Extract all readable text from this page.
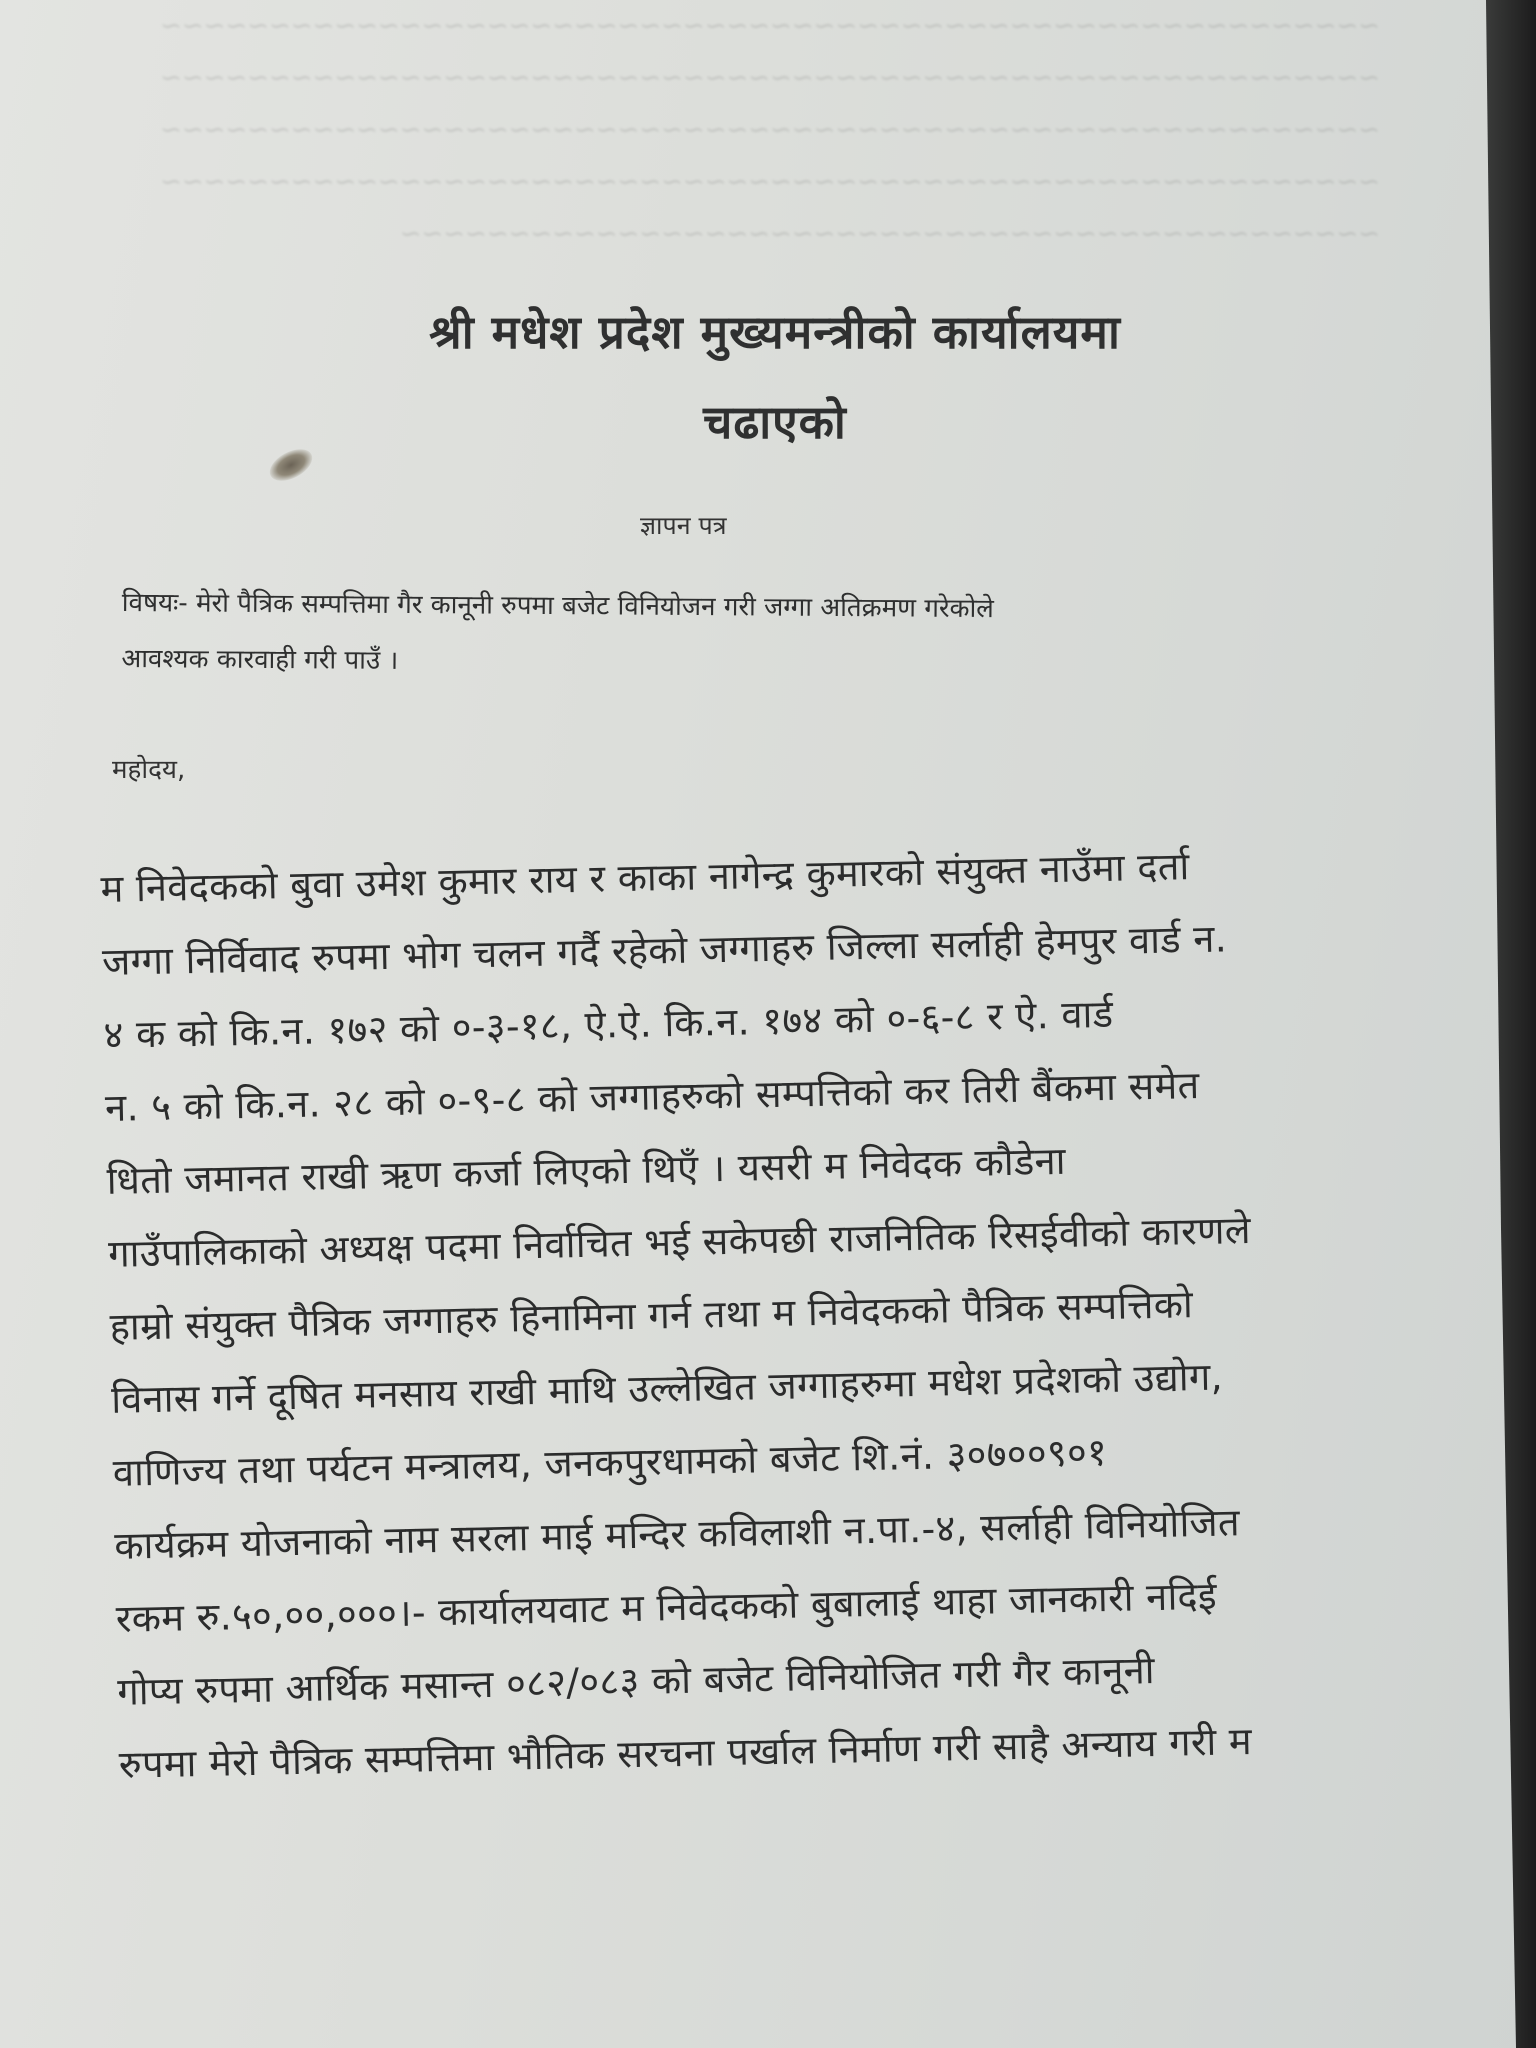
~~~~~~~~~~~~~~~~~~~~~~~~~~~~~~~~~~~~~~~~~~~~~~~~~~~~~~~~
~~~~~~~~~~~~~~~~~~~~~~~~~~~~~~~~~~~~~~~~~~~~~~~~~~~~~~~~
~~~~~~~~~~~~~~~~~~~~~~~~~~~~~~~~~~~~~~~~~~~~~~~~~~~~~~~~
~~~~~~~~~~~~~~~~~~~~~~~~~~~~~~~~~~~~~~~~~~~~~~~~~~~~~~~~
~~~~~~~~~~~~~~~~~~~~~~~~~~~~~~~~~~~~~~~~~~~~~
श्री मधेश प्रदेश मुख्यमन्त्रीको कार्यालयमा
चढाएको
ज्ञापन पत्र
विषयः- मेरो पैत्रिक सम्पत्तिमा गैर कानूनी रुपमा बजेट विनियोजन गरी जग्गा अतिक्रमण गरेकोले
आवश्यक कारवाही गरी पाउँ ।
महोदय,
म निवेदकको बुवा उमेश कुमार राय र काका नागेन्द्र कुमारको संयुक्त नाउँमा दर्ता
जग्गा निर्विवाद रुपमा भोग चलन गर्दै रहेको जग्गाहरु जिल्ला सर्लाही हेमपुर वार्ड न.
४ क को कि.न. १७२ को ०-३-१८, ऐ.ऐ. कि.न. १७४ को ०-६-८ र ऐ. वार्ड
न. ५ को कि.न. २८ को ०-९-८ को जग्गाहरुको सम्पत्तिको कर तिरी बैंकमा समेत
धितो जमानत राखी ऋण कर्जा लिएको थिएँ । यसरी म निवेदक कौडेना
गाउँपालिकाको अध्यक्ष पदमा निर्वाचित भई सकेपछी राजनितिक रिसईवीको कारणले
हाम्रो संयुक्त पैत्रिक जग्गाहरु हिनामिना गर्न तथा म निवेदकको पैत्रिक सम्पत्तिको
विनास गर्ने दूषित मनसाय राखी माथि उल्लेखित जग्गाहरुमा मधेश प्रदेशको उद्योग,
वाणिज्य तथा पर्यटन मन्त्रालय, जनकपुरधामको बजेट शि.नं. ३०७००९०१
कार्यक्रम योजनाको नाम सरला माई मन्दिर कविलाशी न.पा.-४, सर्लाही विनियोजित
रकम रु.५०,००,०००।- कार्यालयवाट म निवेदकको बुबालाई थाहा जानकारी नदिई
गोप्य रुपमा आर्थिक मसान्त ०८२/०८३ को बजेट विनियोजित गरी गैर कानूनी
रुपमा मेरो पैत्रिक सम्पत्तिमा भौतिक सरचना पर्खाल निर्माण गरी साहै अन्याय गरी म
